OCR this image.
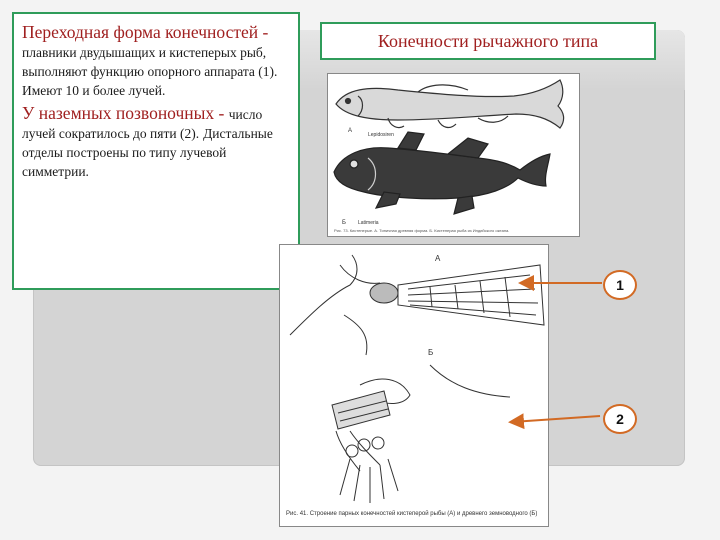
Переходная форма конечностей - плавники двудышащих и кистеперых рыб, выполняют функцию опорного аппарата (1). Имеют 10 и более лучей.
У наземных позвоночных - число лучей сократилось до пяти (2). Дистальные отделы построены по типу лучевой симметрии.
Конечности рычажного типа
А
Lepidosiren
Б Latimeria
Рис. 73. Кистеперые. А. Типичная древняя форма. Б. Кистеперая рыба из Индийского океана.
А
Б
Рис. 41. Строение парных конечностей кистеперой рыбы (А) и древнего земноводного (Б)
1
2
